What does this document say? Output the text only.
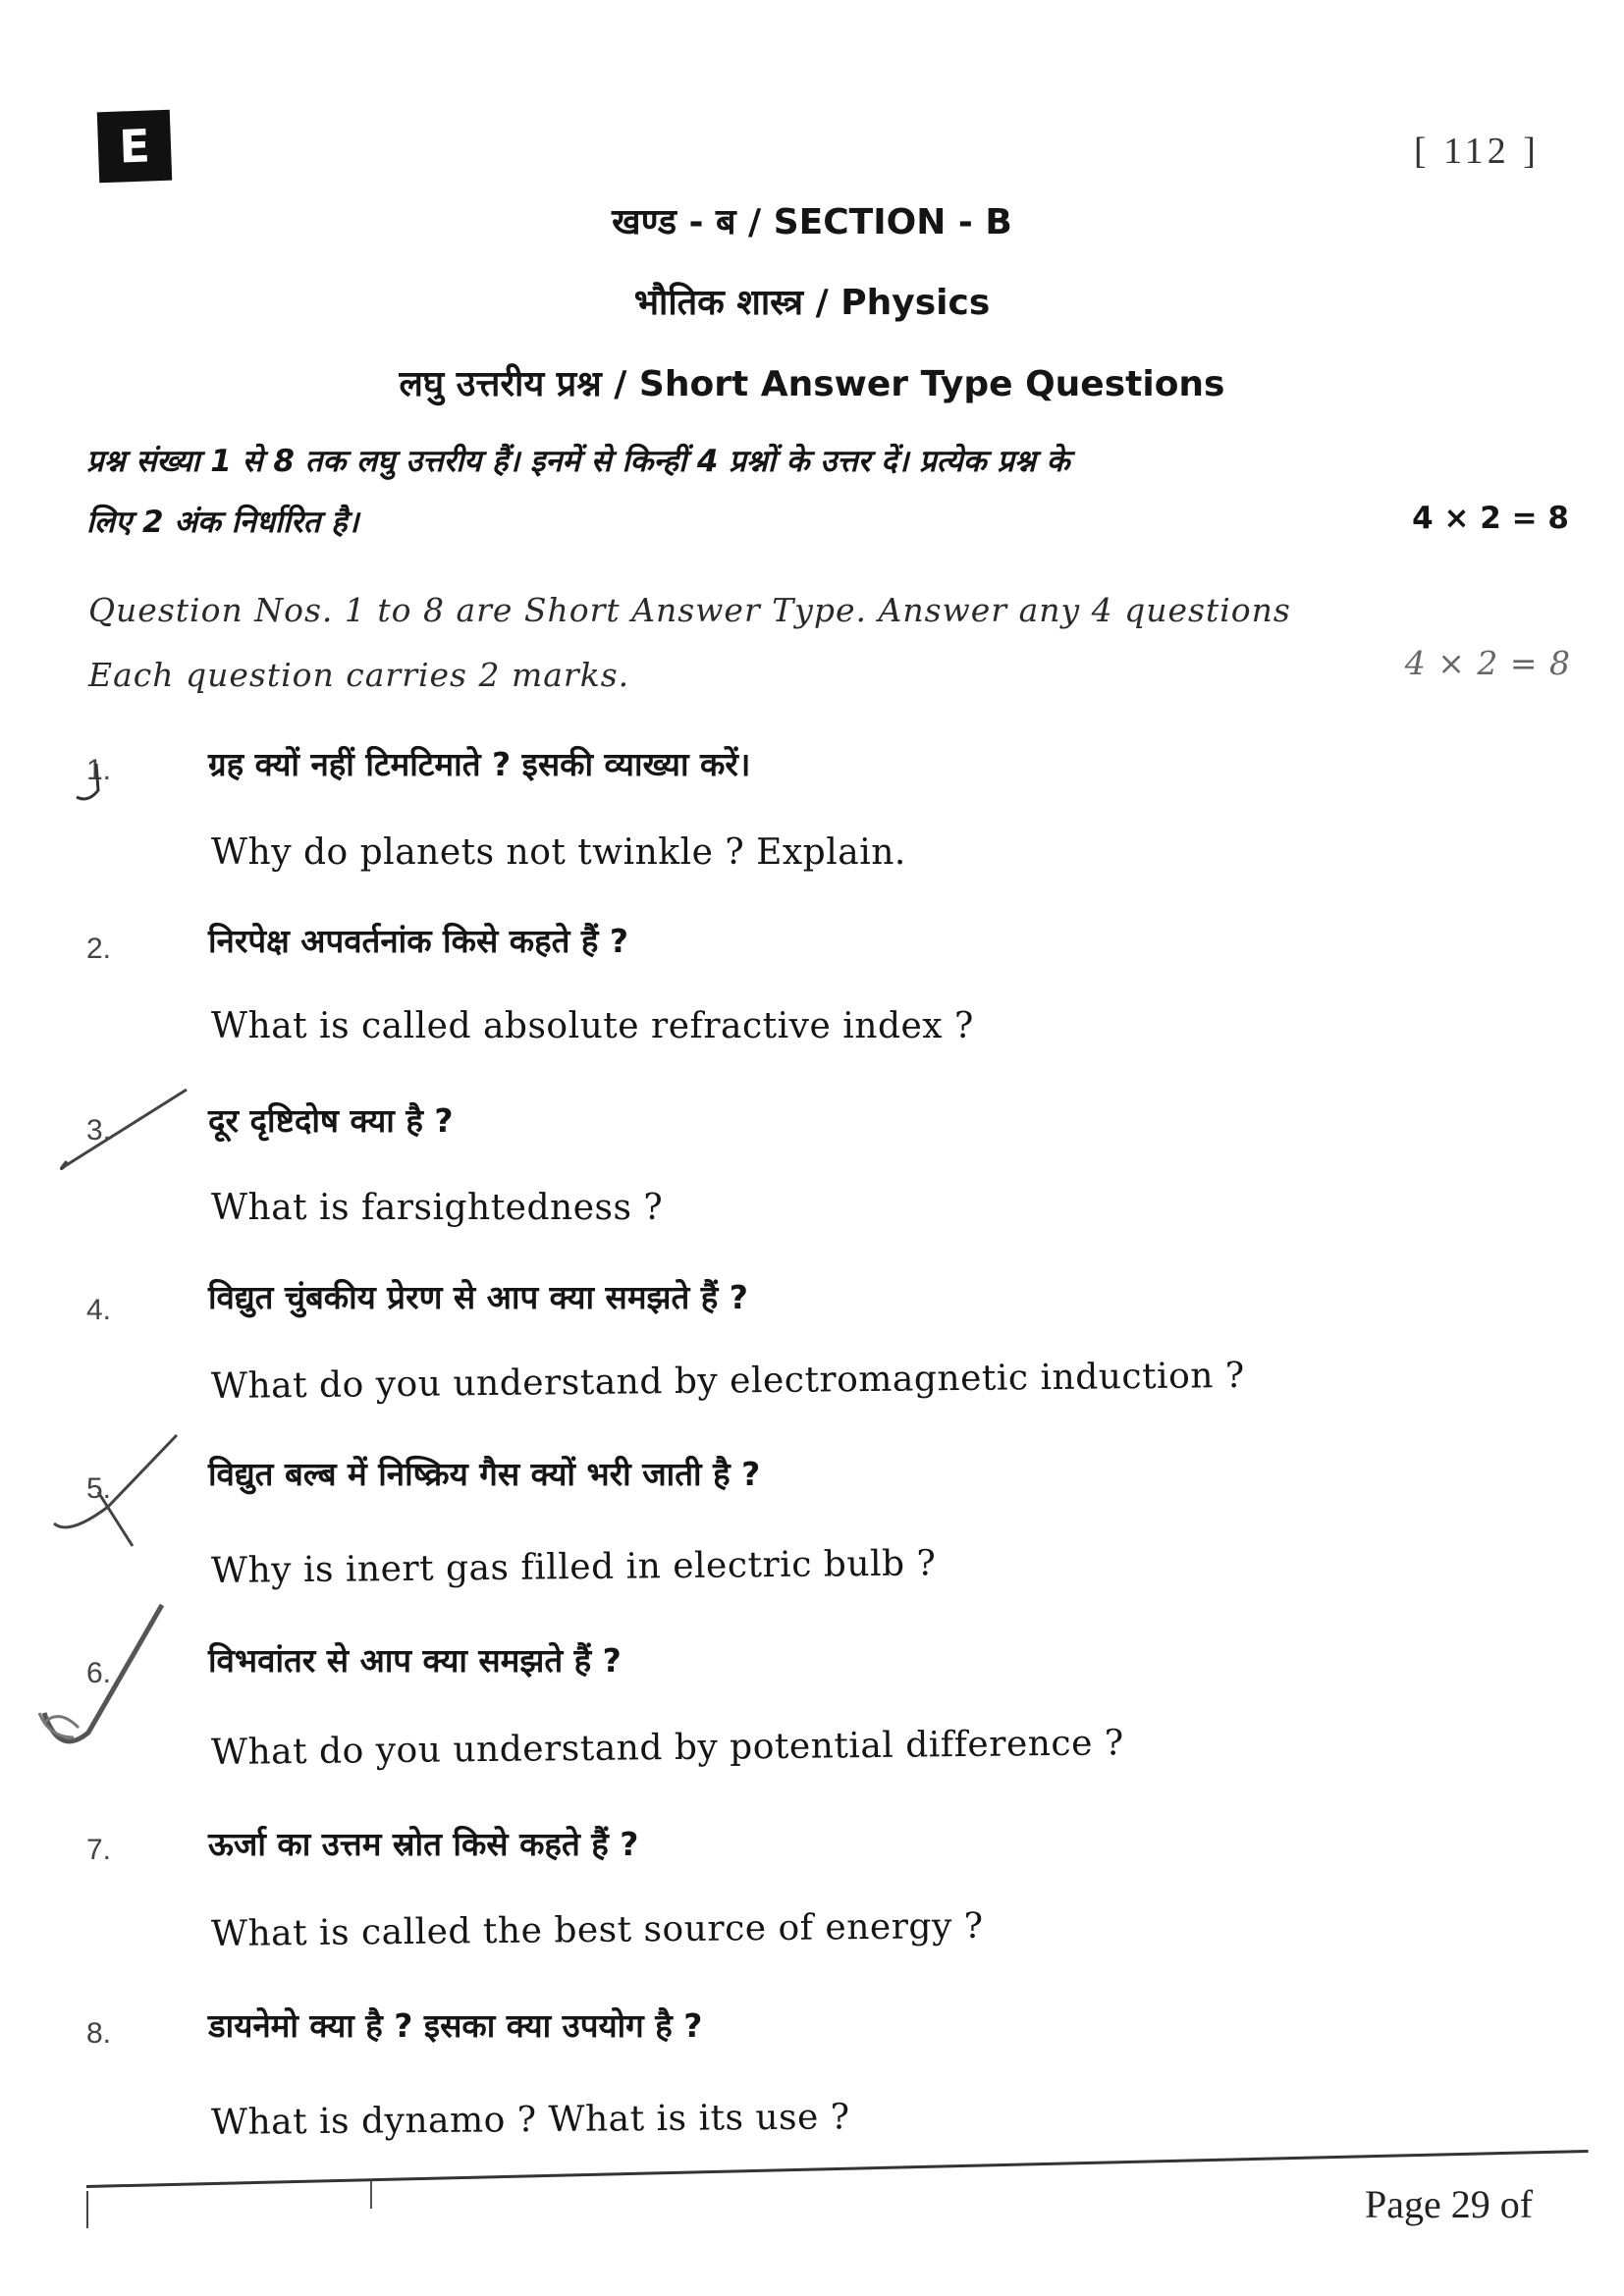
E	[ 112 ]
खण्ड - ब / SECTION - B
भौतिक शास्त्र / Physics
लघु उत्तरीय प्रश्न / Short Answer Type Questions
प्रश्न संख्या 1 से 8 तक लघु उत्तरीय हैं। इनमें से किन्हीं 4 प्रश्नों के उत्तर दें। प्रत्येक प्रश्न के
लिए 2 अंक निर्धारित है।	4 × 2 = 8
Question Nos. 1 to 8 are Short Answer Type. Answer any 4 questions
Each question carries 2 marks.	4 × 2 = 8
1.	ग्रह क्यों नहीं टिमटिमाते ? इसकी व्याख्या करें।
Why do planets not twinkle ? Explain.
2.	निरपेक्ष अपवर्तनांक किसे कहते हैं ?
What is called absolute refractive index ?
3.	दूर दृष्टिदोष क्या है ?
What is farsightedness ?
4.	विद्युत चुंबकीय प्रेरण से आप क्या समझते हैं ?
What do you understand by electromagnetic induction ?
5.	विद्युत बल्ब में निष्क्रिय गैस क्यों भरी जाती है ?
Why is inert gas filled in electric bulb ?
6.	विभवांतर से आप क्या समझते हैं ?
What do you understand by potential difference ?
7.	ऊर्जा का उत्तम स्रोत किसे कहते हैं ?
What is called the best source of energy ?
8.	डायनेमो क्या है ? इसका क्या उपयोग है ?
What is dynamo ? What is its use ?
Page 29 of
